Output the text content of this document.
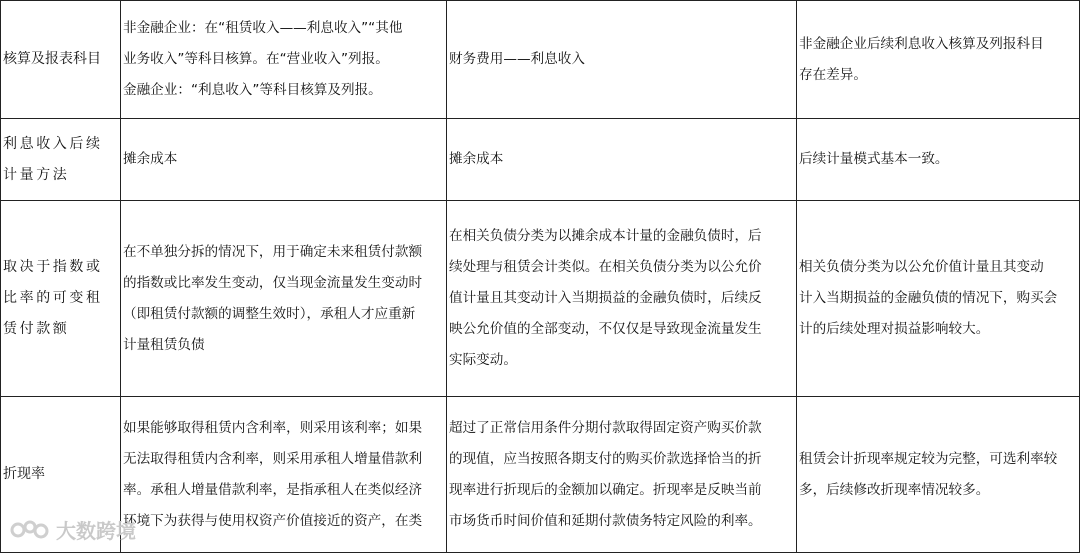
核算及报表科目	非金融企业：在“租赁收入——利息收入”“其他
业务收入”等科目核算。在“营业收入”列报。
金融企业：“利息收入”等科目核算及列报。	财务费用——利息收入	非金融企业后续利息收入核算及列报科目
存在差异。

利息收入后续计量方法	摊余成本	摊余成本	后续计量模式基本一致。

取决于指数或比率的可变租赁付款额	在不单独分拆的情况下，用于确定未来租赁付款额
的指数或比率发生变动，仅当现金流量发生变动时
（即租赁付款额的调整生效时），承租人才应重新
计量租赁负债	在相关负债分类为以摊余成本计量的金融负债时，后
续处理与租赁会计类似。在相关负债分类为以公允价
值计量且其变动计入当期损益的金融负债时，后续反
映公允价值的全部变动，不仅仅是导致现金流量发生
实际变动。	相关负债分类为以公允价值计量且其变动
计入当期损益的金融负债的情况下，购买会
计的后续处理对损益影响较大。

折现率	如果能够取得租赁内含利率，则采用该利率；如果
无法取得租赁内含利率，则采用承租人增量借款利
率。承租人增量借款利率，是指承租人在类似经济
环境下为获得与使用权资产价值接近的资产，在类	超过了正常信用条件分期付款取得固定资产购买价款
的现值，应当按照各期支付的购买价款选择恰当的折
现率进行折现后的金额加以确定。折现率是反映当前
市场货币时间价值和延期付款债务特定风险的利率。	租赁会计折现率规定较为完整，可选利率较
多，后续修改折现率情况较多。
大数跨境
